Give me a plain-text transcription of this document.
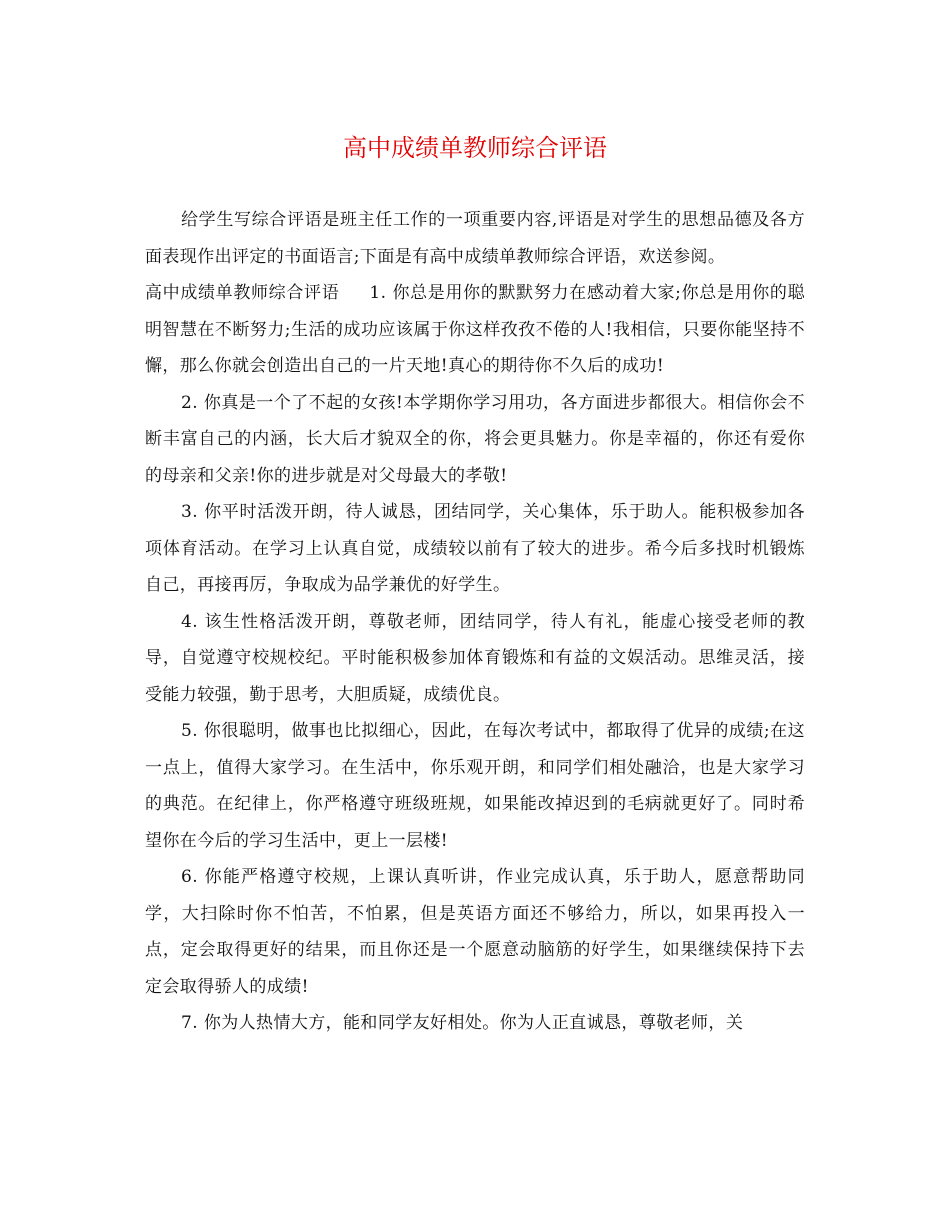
高中成绩单教师综合评语

给学生写综合评语是班主任工作的一项重要内容,评语是对学生的思想品德及各方面表现作出评定的书面语言;下面是有高中成绩单教师综合评语，欢送参阅。

高中成绩单教师综合评语 1. 你总是用你的默默努力在感动着大家;你总是用你的聪明智慧在不断努力;生活的成功应该属于你这样孜孜不倦的人!我相信，只要你能坚持不懈，那么你就会创造出自己的一片天地!真心的期待你不久后的成功!

2. 你真是一个了不起的女孩!本学期你学习用功，各方面进步都很大。相信你会不断丰富自己的内涵，长大后才貌双全的你，将会更具魅力。你是幸福的，你还有爱你的母亲和父亲!你的进步就是对父母最大的孝敬!

3. 你平时活泼开朗，待人诚恳，团结同学，关心集体，乐于助人。能积极参加各项体育活动。在学习上认真自觉，成绩较以前有了较大的进步。希今后多找时机锻炼自己，再接再厉，争取成为品学兼优的好学生。

4. 该生性格活泼开朗，尊敬老师，团结同学，待人有礼，能虚心接受老师的教导，自觉遵守校规校纪。平时能积极参加体育锻炼和有益的文娱活动。思维灵活，接受能力较强，勤于思考，大胆质疑，成绩优良。

5. 你很聪明，做事也比拟细心，因此，在每次考试中，都取得了优异的成绩;在这一点上，值得大家学习。在生活中，你乐观开朗，和同学们相处融洽，也是大家学习的典范。在纪律上，你严格遵守班级班规，如果能改掉迟到的毛病就更好了。同时希望你在今后的学习生活中，更上一层楼!

6. 你能严格遵守校规，上课认真听讲，作业完成认真，乐于助人，愿意帮助同学，大扫除时你不怕苦，不怕累，但是英语方面还不够给力，所以，如果再投入一点，定会取得更好的结果，而且你还是一个愿意动脑筋的好学生，如果继续保持下去定会取得骄人的成绩!

7. 你为人热情大方，能和同学友好相处。你为人正直诚恳，尊敬老师，关
